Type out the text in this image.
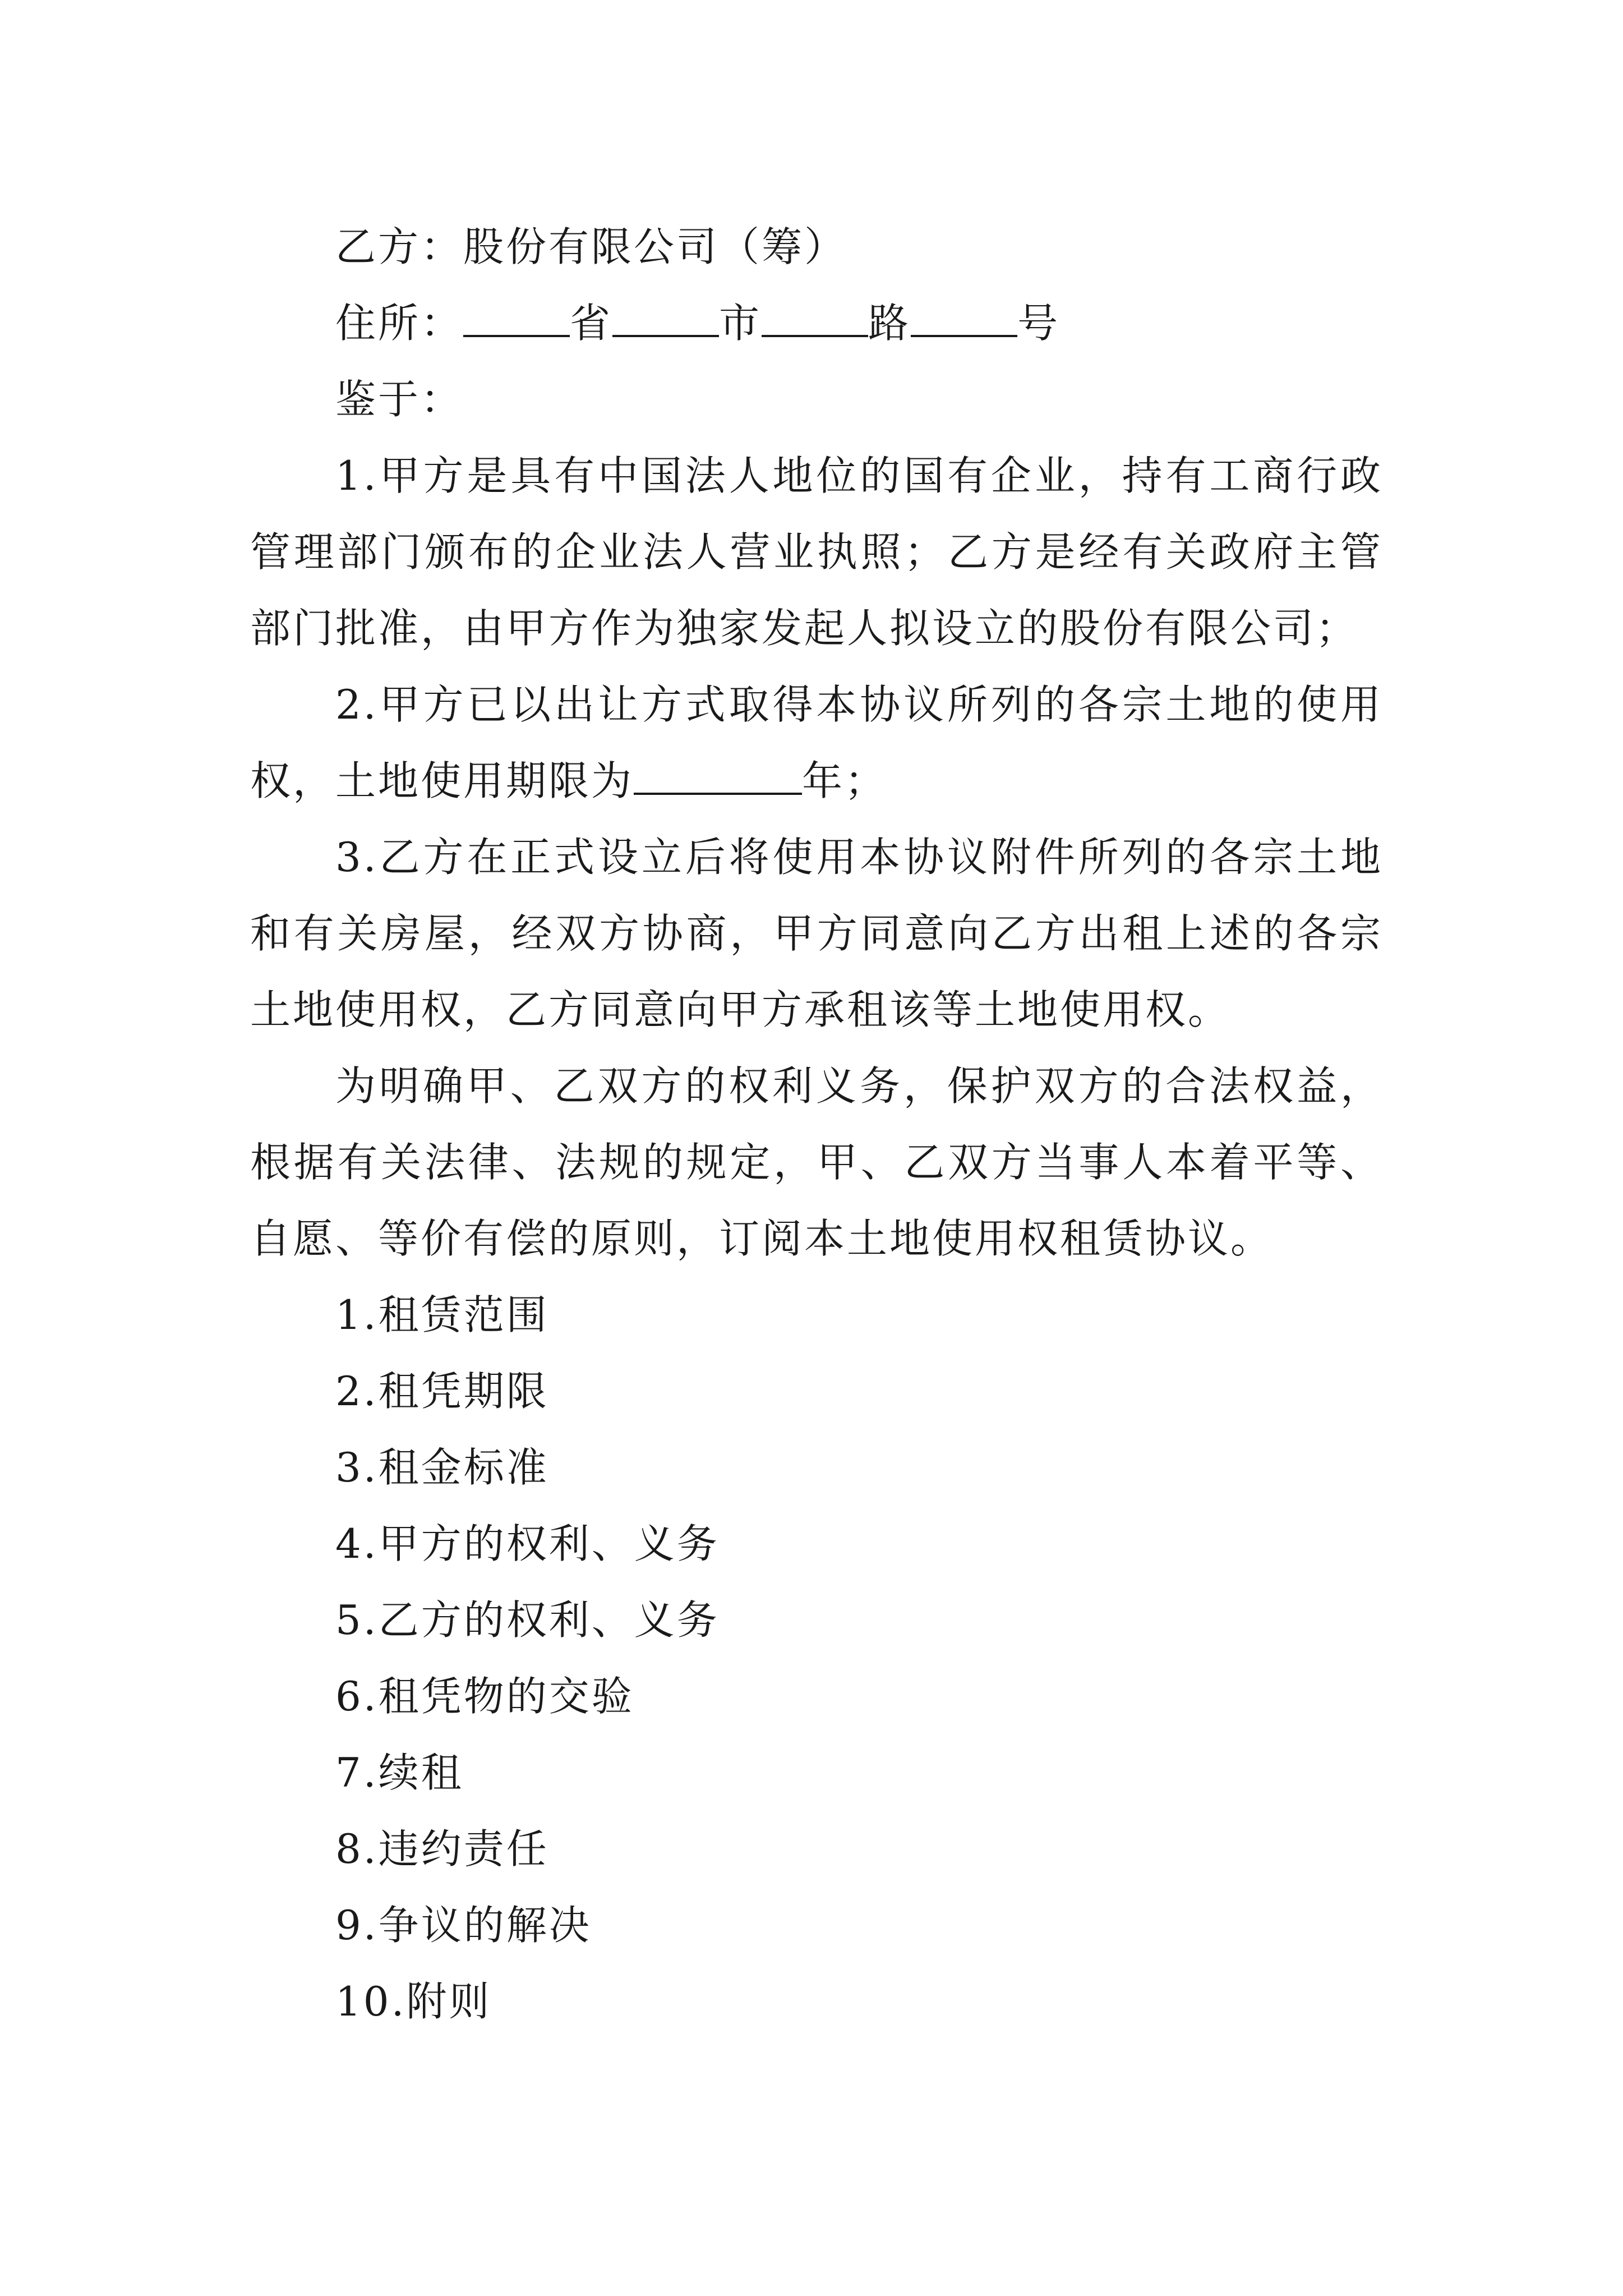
乙方：股份有限公司（筹）

住所：	省	市	路	号

鉴于：

1.甲方是具有中国法人地位的国有企业，持有工商行政管理部门颁布的企业法人营业执照；乙方是经有关政府主管部门批准，由甲方作为独家发起人拟设立的股份有限公司；

2.甲方已以出让方式取得本协议所列的各宗土地的使用权，土地使用期限为	年；

3.乙方在正式设立后将使用本协议附件所列的各宗土地和有关房屋，经双方协商，甲方同意向乙方出租上述的各宗土地使用权，乙方同意向甲方承租该等土地使用权。

为明确甲、乙双方的权利义务，保护双方的合法权益，根据有关法律、法规的规定，甲、乙双方当事人本着平等、自愿、等价有偿的原则，订阅本土地使用权租赁协议。

1.租赁范围

2.租凭期限

3.租金标准

4.甲方的权利、义务

5.乙方的权利、义务

6.租凭物的交验

7.续租

8.违约责任

9.争议的解决

10.附则
